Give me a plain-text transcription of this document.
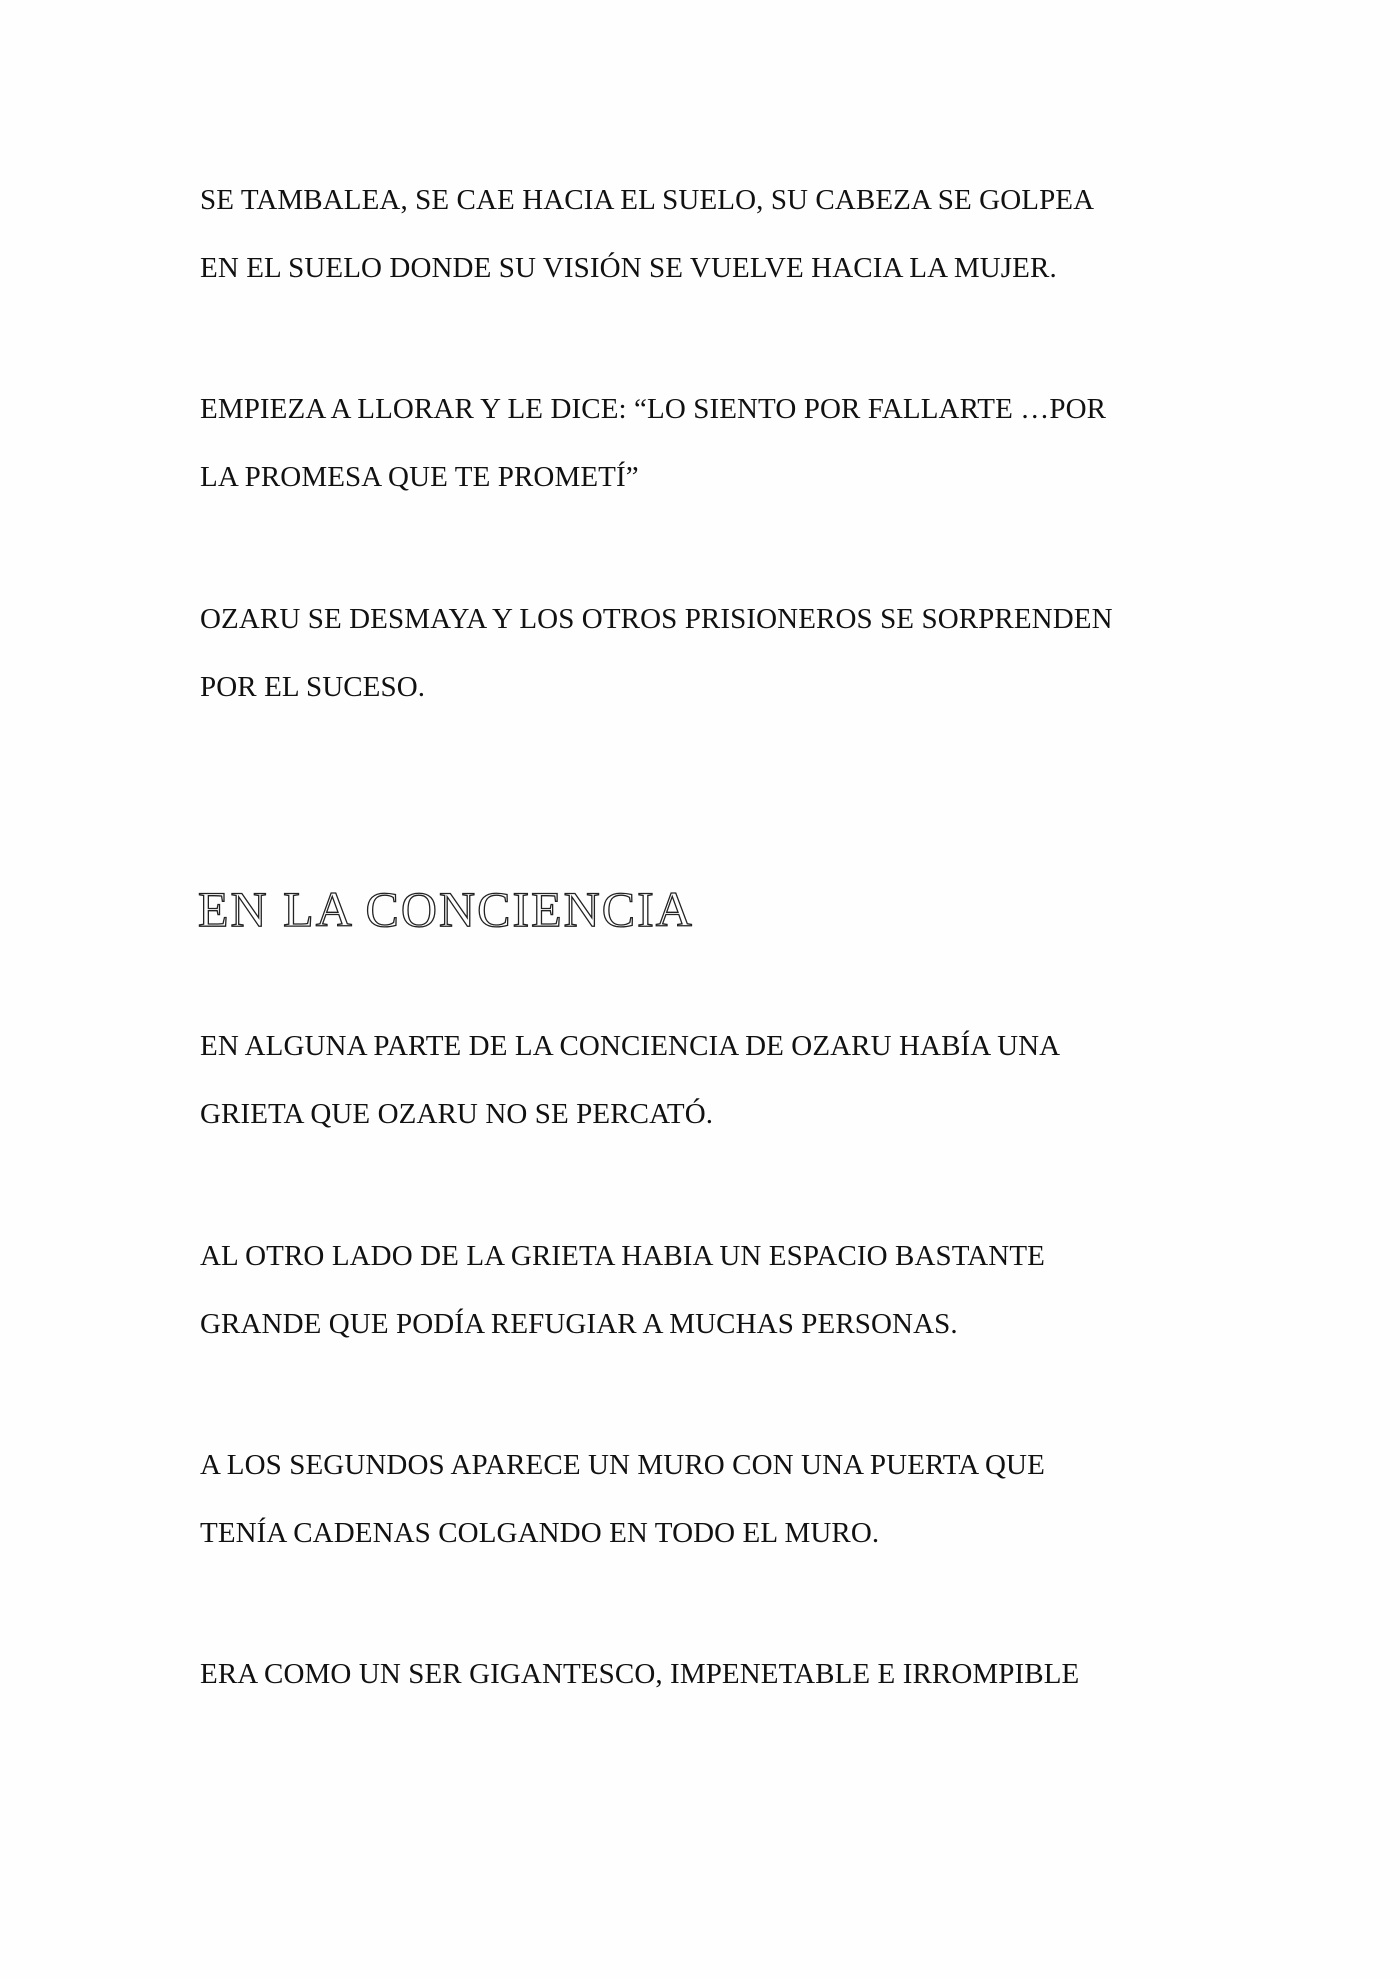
SE TAMBALEA, SE CAE HACIA EL SUELO, SU CABEZA SE GOLPEA
EN EL SUELO DONDE SU VISIÓN SE VUELVE HACIA LA MUJER.
EMPIEZA A LLORAR Y LE DICE: “LO SIENTO POR FALLARTE …POR
LA PROMESA QUE TE PROMETÍ”
OZARU SE DESMAYA Y LOS OTROS PRISIONEROS SE SORPRENDEN
POR EL SUCESO.
EN LA CONCIENCIA
EN ALGUNA PARTE DE LA CONCIENCIA DE OZARU HABÍA UNA
GRIETA QUE OZARU NO SE PERCATÓ.
AL OTRO LADO DE LA GRIETA HABIA UN ESPACIO BASTANTE
GRANDE QUE PODÍA REFUGIAR A MUCHAS PERSONAS.
A LOS SEGUNDOS APARECE UN MURO CON UNA PUERTA QUE
TENÍA CADENAS COLGANDO EN TODO EL MURO.
ERA COMO UN SER GIGANTESCO, IMPENETABLE E IRROMPIBLE
